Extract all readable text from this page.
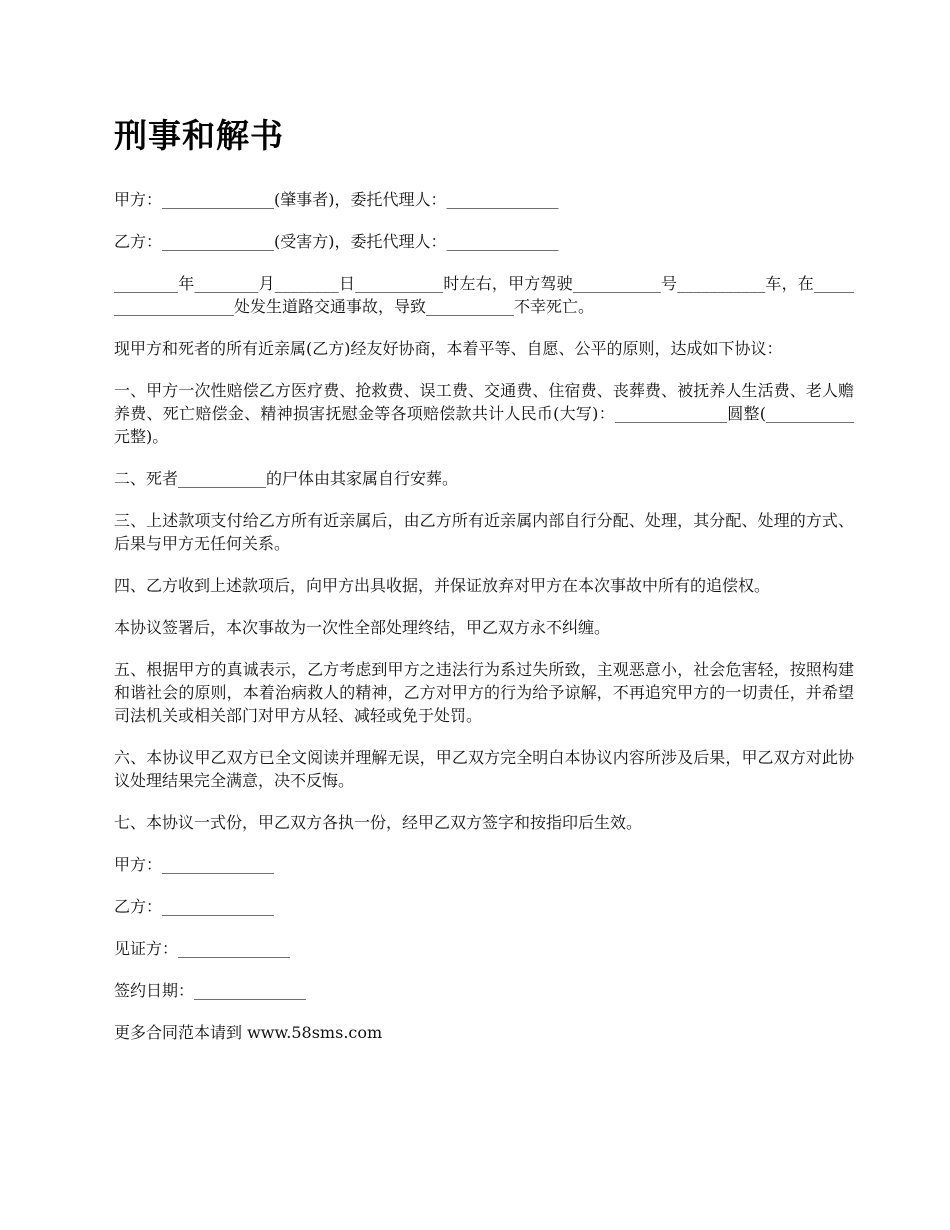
刑事和解书

甲方：______________(肇事者)，委托代理人：______________

乙方：______________(受害方)，委托代理人：______________

________年________月________日___________时左右，甲方驾驶___________号___________车，在____________________处发生道路交通事故，导致___________不幸死亡。

现甲方和死者的所有近亲属(乙方)经友好协商，本着平等、自愿、公平的原则，达成如下协议：

一、甲方一次性赔偿乙方医疗费、抢救费、误工费、交通费、住宿费、丧葬费、被抚养人生活费、老人赡养费、死亡赔偿金、精神损害抚慰金等各项赔偿款共计人民币(大写)：______________圆整(___________元整)。

二、死者___________的尸体由其家属自行安葬。

三、上述款项支付给乙方所有近亲属后，由乙方所有近亲属内部自行分配、处理，其分配、处理的方式、后果与甲方无任何关系。

四、乙方收到上述款项后，向甲方出具收据，并保证放弃对甲方在本次事故中所有的追偿权。

本协议签署后，本次事故为一次性全部处理终结，甲乙双方永不纠缠。

五、根据甲方的真诚表示，乙方考虑到甲方之违法行为系过失所致，主观恶意小，社会危害轻，按照构建和谐社会的原则，本着治病救人的精神，乙方对甲方的行为给予谅解，不再追究甲方的一切责任，并希望司法机关或相关部门对甲方从轻、减轻或免于处罚。

六、本协议甲乙双方已全文阅读并理解无误，甲乙双方完全明白本协议内容所涉及后果，甲乙双方对此协议处理结果完全满意，决不反悔。

七、本协议一式份，甲乙双方各执一份，经甲乙双方签字和按指印后生效。

甲方：______________

乙方：______________

见证方：______________

签约日期：______________

更多合同范本请到 www.58sms.com
